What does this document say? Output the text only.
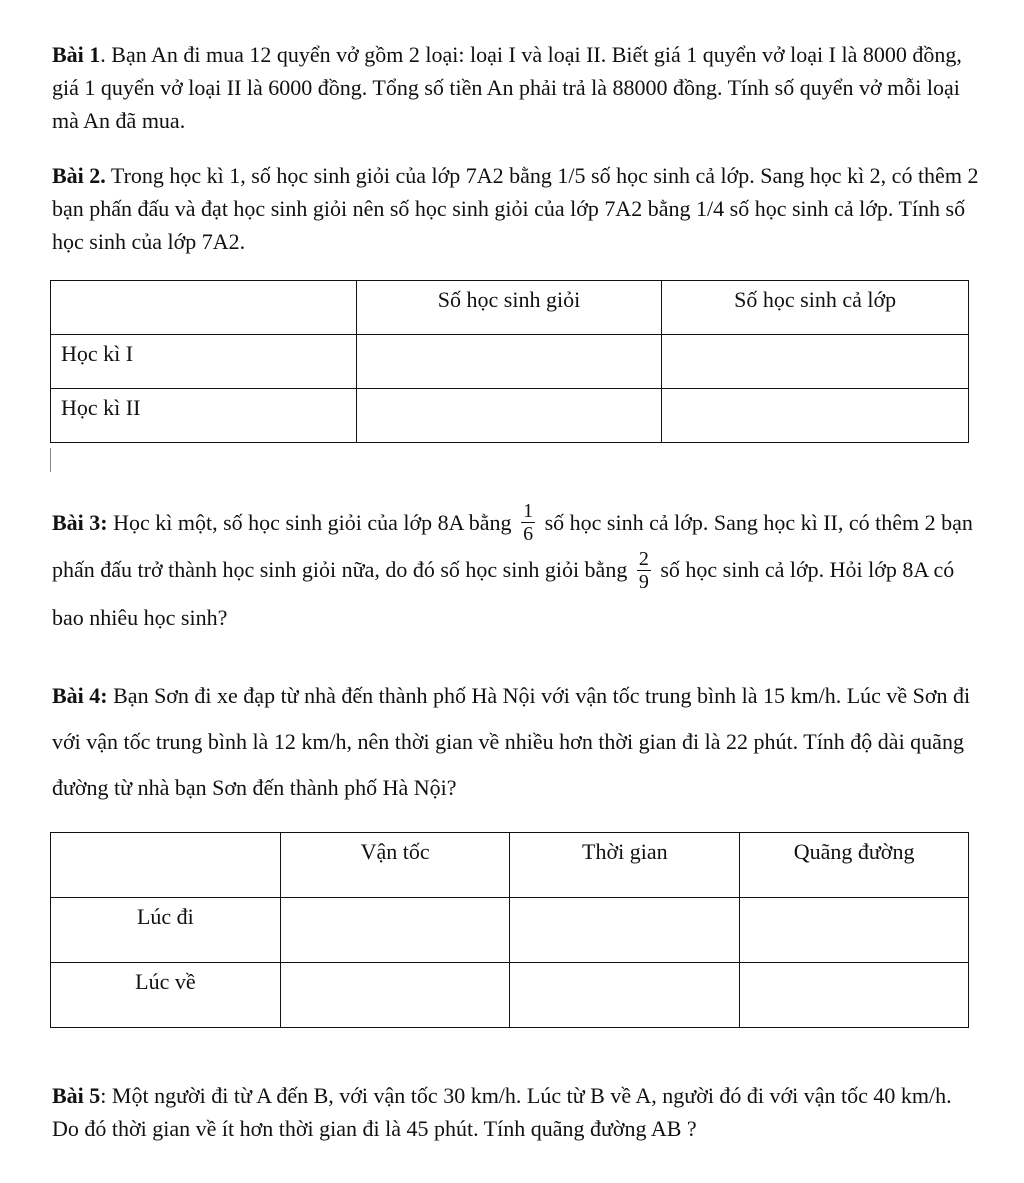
Bài 1. Bạn An đi mua 12 quyển vở gồm 2 loại: loại I và loại II. Biết giá 1 quyển vở loại I là 8000 đồng, giá 1 quyển vở loại II là 6000 đồng. Tổng số tiền An phải trả là 88000 đồng. Tính số quyển vở mỗi loại mà An đã mua.

Bài 2. Trong học kì 1, số học sinh giỏi của lớp 7A2 bằng 1/5 số học sinh cả lớp. Sang học kì 2, có thêm 2 bạn phấn đấu và đạt học sinh giỏi nên số học sinh giỏi của lớp 7A2 bằng 1/4 số học sinh cả lớp. Tính số học sinh của lớp 7A2.

	Số học sinh giỏi	Số học sinh cả lớp
Học kì I		
Học kì II		

Bài 3: Học kì một, số học sinh giỏi của lớp 8A bằng $\frac{1}{6}$ số học sinh cả lớp. Sang học kì II, có thêm 2 bạn phấn đấu trở thành học sinh giỏi nữa, do đó số học sinh giỏi bằng $\frac{2}{9}$ số học sinh cả lớp. Hỏi lớp 8A có bao nhiêu học sinh?

Bài 4: Bạn Sơn đi xe đạp từ nhà đến thành phố Hà Nội với vận tốc trung bình là 15 km/h. Lúc về Sơn đi với vận tốc trung bình là 12 km/h, nên thời gian về nhiều hơn thời gian đi là 22 phút. Tính độ dài quãng đường từ nhà bạn Sơn đến thành phố Hà Nội?

	Vận tốc	Thời gian	Quãng đường
Lúc đi			
Lúc về			

Bài 5: Một người đi từ A đến B, với vận tốc 30 km/h. Lúc từ B về A, người đó đi với vận tốc 40 km/h. Do đó thời gian về ít hơn thời gian đi là 45 phút. Tính quãng đường AB ?
